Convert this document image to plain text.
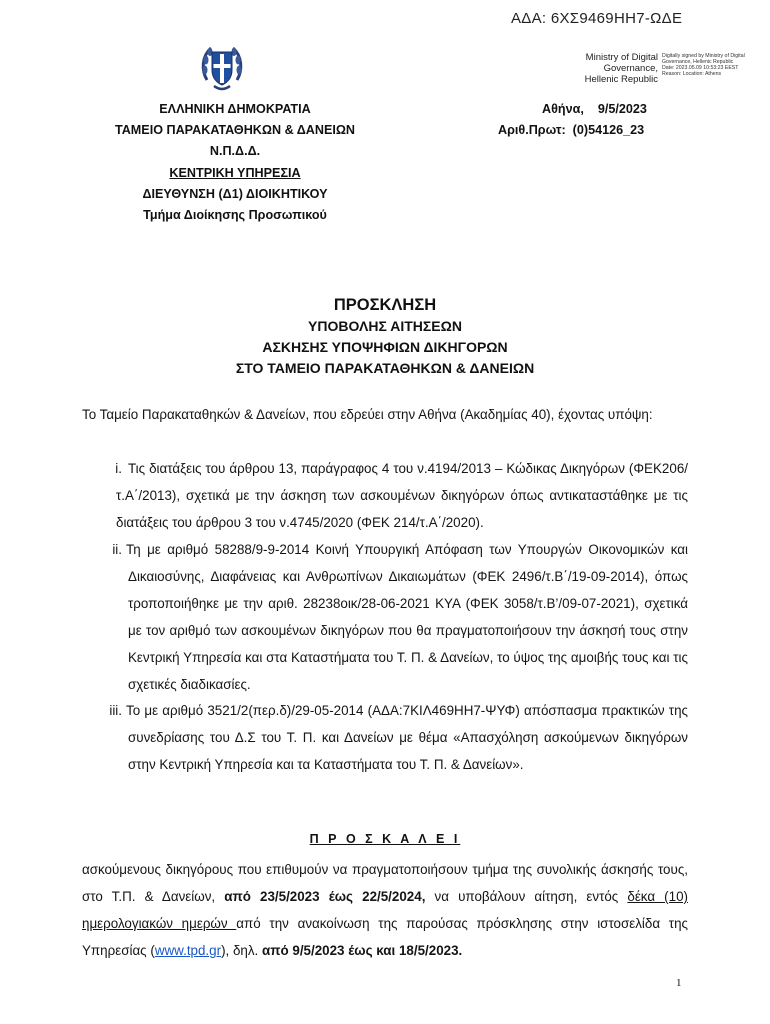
ΑΔΑ: 6ΧΣ9469ΗΗ7-ΩΔΕ
Ministry of Digital Governance, Hellenic Republic
Digitally signed by Ministry of Digital Governance, Hellenic Republic Date: 2023.05.09 10:53:23 EEST Reason: Location: Athens
ΕΛΛΗΝΙΚΗ ΔΗΜΟΚΡΑΤΙΑ
ΤΑΜΕΙΟ ΠΑΡΑΚΑΤΑΘΗΚΩΝ & ΔΑΝΕΙΩΝ
Ν.Π.Δ.Δ.
ΚΕΝΤΡΙΚΗ ΥΠΗΡΕΣΙΑ
ΔΙΕΥΘΥΝΣΗ (Δ1) ΔΙΟΙΚΗΤΙΚΟΥ
Τμήμα Διοίκησης Προσωπικού
Αθήνα,    9/5/2023
Αριθ.Πρωτ:  (0)54126_23
ΠΡΟΣΚΛΗΣΗ
ΥΠΟΒΟΛΗΣ ΑΙΤΗΣΕΩΝ
ΑΣΚΗΣΗΣ ΥΠΟΨΗΦΙΩΝ ΔΙΚΗΓΟΡΩΝ
ΣΤΟ ΤΑΜΕΙΟ ΠΑΡΑΚΑΤΑΘΗΚΩΝ & ΔΑΝΕΙΩΝ
Το Ταμείο Παρακαταθηκών & Δανείων, που εδρεύει στην Αθήνα (Ακαδημίας 40), έχοντας υπόψη:
i. Τις διατάξεις του άρθρου 13, παράγραφος 4 του ν.4194/2013 – Κώδικας Δικηγόρων (ΦΕΚ206/τ.Α΄/2013), σχετικά με την άσκηση των ασκουμένων δικηγόρων όπως αντικαταστάθηκε με τις διατάξεις του άρθρου 3 του ν.4745/2020 (ΦΕΚ 214/τ.Α΄/2020).
ii. Τη με αριθμό 58288/9-9-2014 Κοινή Υπουργική Απόφαση των Υπουργών Οικονομικών και Δικαιοσύνης, Διαφάνειας και Ανθρωπίνων Δικαιωμάτων (ΦΕΚ 2496/τ.Β΄/19-09-2014), όπως τροποποιήθηκε με την αριθ. 28238οικ/28-06-2021 ΚΥΑ (ΦΕΚ 3058/τ.Β’/09-07-2021), σχετικά με τον αριθμό των ασκουμένων δικηγόρων που θα πραγματοποιήσουν την άσκησή τους στην Κεντρική Υπηρεσία και στα Καταστήματα του Τ. Π. & Δανείων, το ύψος της αμοιβής τους και τις σχετικές διαδικασίες.
iii. Το με αριθμό 3521/2(περ.δ)/29-05-2014 (ΑΔΑ:7ΚΙΛ469ΗΗ7-ΨΥΦ) απόσπασμα πρακτικών της συνεδρίασης του Δ.Σ του Τ. Π. και Δανείων με θέμα «Απασχόληση ασκούμενων δικηγόρων στην Κεντρική Υπηρεσία και τα Καταστήματα του Τ. Π. & Δανείων».
Π Ρ Ο Σ Κ Α Λ Ε Ι
ασκούμενους δικηγόρους που επιθυμούν να πραγματοποιήσουν τμήμα της συνολικής άσκησής τους, στο Τ.Π. & Δανείων, από 23/5/2023 έως 22/5/2024, να υποβάλουν αίτηση, εντός δέκα (10) ημερολογιακών ημερών από την ανακοίνωση της παρούσας πρόσκλησης στην ιστοσελίδα της Υπηρεσίας (www.tpd.gr), δηλ. από 9/5/2023 έως και 18/5/2023.
1
